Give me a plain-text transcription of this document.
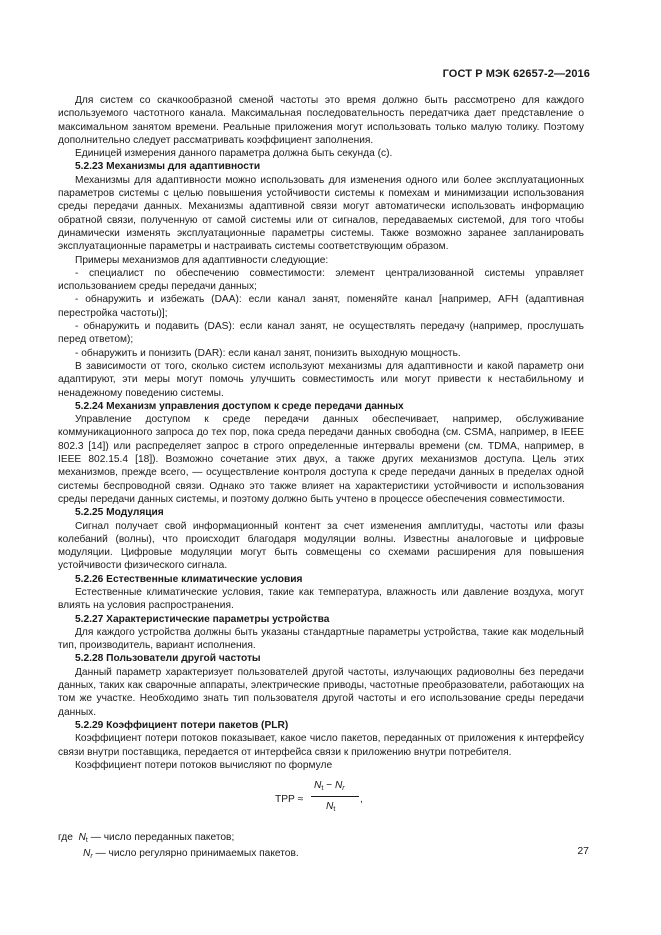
ГОСТ Р МЭК 62657-2—2016

Для систем со скачкообразной сменой частоты это время должно быть рассмотрено для каждого используемого частотного канала. Максимальная последовательность передатчика дает представление о максимальном занятом времени. Реальные приложения могут использовать только малую толику. Поэтому дополнительно следует рассматривать коэффициент заполнения.

Единицей измерения данного параметра должна быть секунда (с).

5.2.23 Механизмы для адаптивности

Механизмы для адаптивности можно использовать для изменения одного или более эксплуатационных параметров системы с целью повышения устойчивости системы к помехам и минимизации использования среды передачи данных. Механизмы адаптивной связи могут автоматически использовать информацию обратной связи, полученную от самой системы или от сигналов, передаваемых системой, для того чтобы динамически изменять эксплуатационные параметры системы. Также возможно заранее запланировать эксплуатационные параметры и настраивать системы соответствующим образом.

Примеры механизмов для адаптивности следующие:

- специалист по обеспечению совместимости: элемент централизованной системы управляет использованием среды передачи данных;

- обнаружить и избежать (DAA): если канал занят, поменяйте канал [например, AFH (адаптивная перестройка частоты)];

- обнаружить и подавить (DAS): если канал занят, не осуществлять передачу (например, прослушать перед ответом);

- обнаружить и понизить (DAR): если канал занят, понизить выходную мощность.

В зависимости от того, сколько систем используют механизмы для адаптивности и какой параметр они адаптируют, эти меры могут помочь улучшить совместимость или могут привести к нестабильному и ненадежному поведению системы.

5.2.24 Механизм управления доступом к среде передачи данных

Управление доступом к среде передачи данных обеспечивает, например, обслуживание коммуникационного запроса до тех пор, пока среда передачи данных свободна (см. CSMA, например, в IEEE 802.3 [14]) или распределяет запрос в строго определенные интервалы времени (см. TDMA, например, в IEEE 802.15.4 [18]). Возможно сочетание этих двух, а также других механизмов доступа. Цель этих механизмов, прежде всего, — осуществление контроля доступа к среде передачи данных в пределах одной системы беспроводной связи. Однако это также влияет на характеристики устойчивости и использования среды передачи данных системы, и поэтому должно быть учтено в процессе обеспечения совместимости.

5.2.25 Модуляция

Сигнал получает свой информационный контент за счет изменения амплитуды, частоты или фазы колебаний (волны), что происходит благодаря модуляции волны. Известны аналоговые и цифровые модуляции. Цифровые модуляции могут быть совмещены со схемами расширения для повышения устойчивости физического сигнала.

5.2.26 Естественные климатические условия

Естественные климатические условия, такие как температура, влажность или давление воздуха, могут влиять на условия распространения.

5.2.27 Характеристические параметры устройства

Для каждого устройства должны быть указаны стандартные параметры устройства, такие как модельный тип, производитель, вариант исполнения.

5.2.28 Пользователи другой частоты

Данный параметр характеризует пользователей другой частоты, излучающих радиоволны без передачи данных, таких как сварочные аппараты, электрические приводы, частотные преобразователи, работающих на том же участке. Необходимо знать тип пользователя другой частоты и его использование среды передачи данных.

5.2.29 Коэффициент потери пакетов (PLR)

Коэффициент потери потоков показывает, какое число пакетов, переданных от приложения к интерфейсу связи внутри поставщика, передается от интерфейса связи к приложению внутри потребителя.

Коэффициент потери потоков вычисляют по формуле

TPP ≈
$N_t - N_r$
$N_t$
,

где $N_t$ — число переданных пакетов;

$N_r$ — число регулярно принимаемых пакетов.	27
